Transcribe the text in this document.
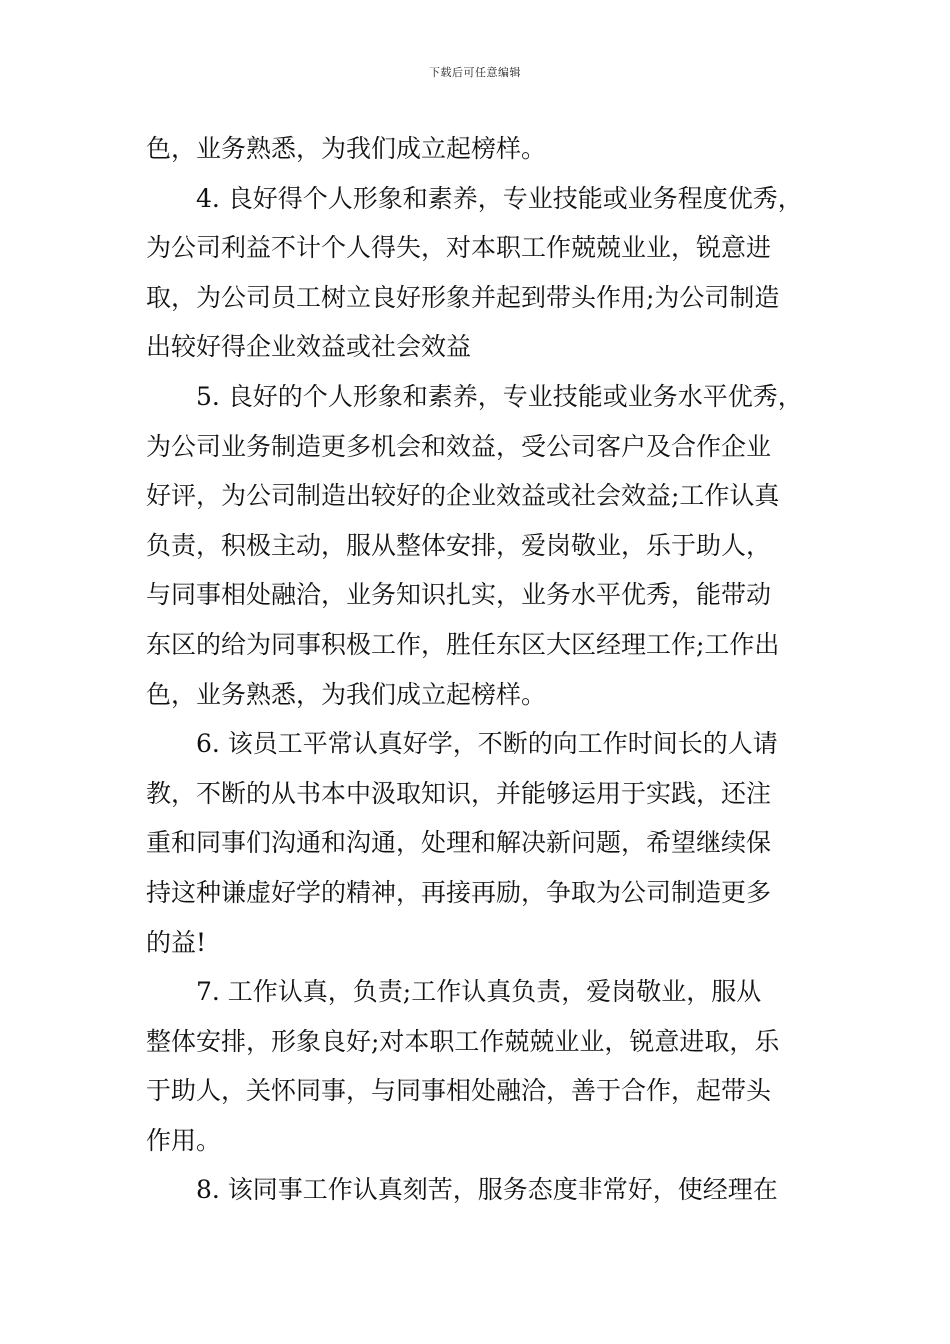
下载后可任意编辑
色，业务熟悉，为我们成立起榜样。
4. 良好得个人形象和素养，专业技能或业务程度优秀，
为公司利益不计个人得失，对本职工作兢兢业业，锐意进
取，为公司员工树立良好形象并起到带头作用;为公司制造
出较好得企业效益或社会效益
5. 良好的个人形象和素养，专业技能或业务水平优秀，
为公司业务制造更多机会和效益，受公司客户及合作企业
好评，为公司制造出较好的企业效益或社会效益;工作认真
负责，积极主动，服从整体安排，爱岗敬业，乐于助人，
与同事相处融洽，业务知识扎实，业务水平优秀，能带动
东区的给为同事积极工作，胜任东区大区经理工作;工作出
色，业务熟悉，为我们成立起榜样。
6. 该员工平常认真好学，不断的向工作时间长的人请
教，不断的从书本中汲取知识，并能够运用于实践，还注
重和同事们沟通和沟通，处理和解决新问题，希望继续保
持这种谦虚好学的精神，再接再励，争取为公司制造更多
的益!
7. 工作认真，负责;工作认真负责，爱岗敬业，服从
整体安排，形象良好;对本职工作兢兢业业，锐意进取，乐
于助人，关怀同事，与同事相处融洽，善于合作，起带头
作用。
8. 该同事工作认真刻苦，服务态度非常好，使经理在
